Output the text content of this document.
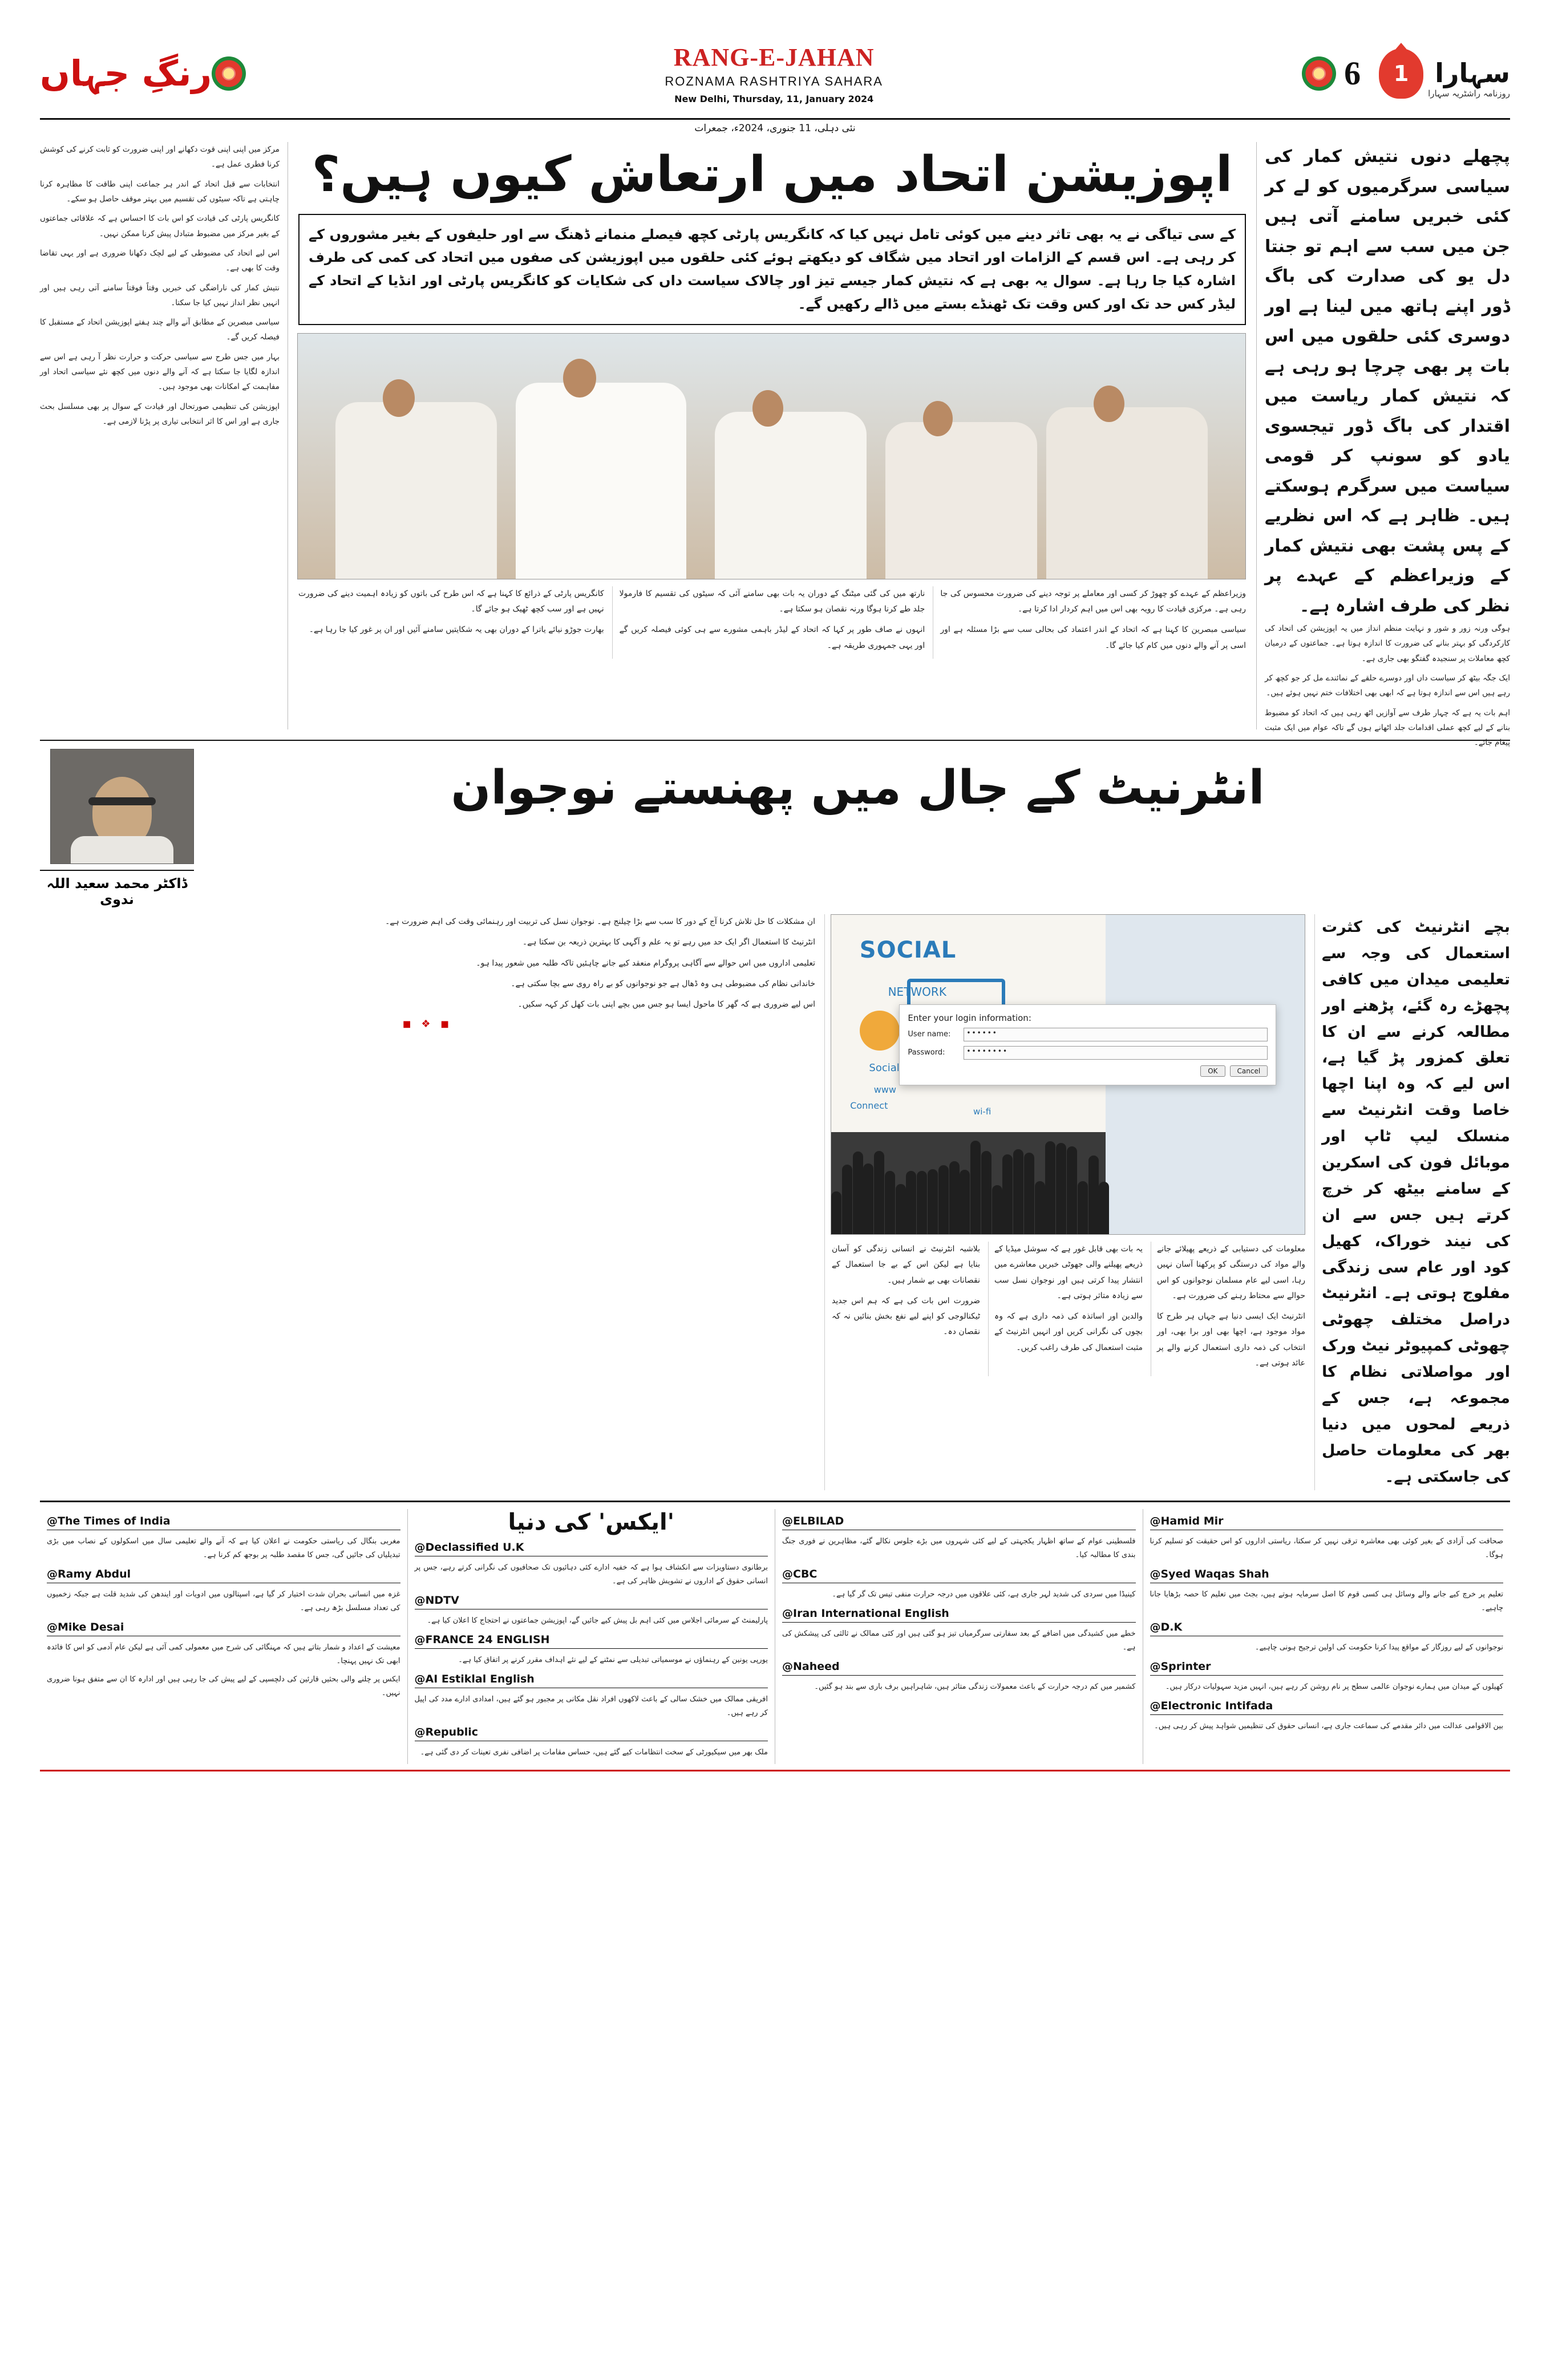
6	1 سہارا
روزنامہ راشٹریہ سہارا
RANG-E-JAHAN
ROZNAMA RASHTRIYA SAHARA
New Delhi, Thursday, 11, January 2024
رنگِ جہاں
نئی دہلی، 11 جنوری، 2024ء، جمعرات
پچھلے دنوں نتیش کمار کی سیاسی سرگرمیوں کو لے کر کئی خبریں سامنے آتی ہیں جن میں سب سے اہم تو جنتا دل یو کی صدارت کی باگ ڈور اپنے ہاتھ میں لینا ہے اور دوسری کئی حلقوں میں اس بات پر بھی چرچا ہو رہی ہے کہ نتیش کمار ریاست میں اقتدار کی باگ ڈور تیجسوی یادو کو سونپ کر قومی سیاست میں سرگرم ہوسکتے ہیں۔ ظاہر ہے کہ اس نظریے کے پس پشت بھی نتیش کمار کے وزیراعظم کے عہدے پر نظر کی طرف اشارہ ہے۔

ہوگی ورنہ زور و شور و نہایت منظم انداز میں یہ اپوزیشن کی اتحاد کی کارکردگی کو بہتر بنانے کی ضرورت کا اندازہ ہوتا ہے۔ جماعتوں کے درمیان کچھ معاملات پر سنجیدہ گفتگو بھی جاری ہے۔

ایک جگہ بیٹھ کر سیاست داں اور دوسرے حلقے کے نمائندے مل کر جو کچھ کر رہے ہیں اس سے اندازہ ہوتا ہے کہ ابھی بھی اختلافات ختم نہیں ہوئے ہیں۔

اہم بات یہ ہے کہ چہار طرف سے آوازیں اٹھ رہی ہیں کہ اتحاد کو مضبوط بنانے کے لیے کچھ عملی اقدامات جلد اٹھانے ہوں گے تاکہ عوام میں ایک مثبت پیغام جائے۔

اپوزیشن اتحاد میں ارتعاش کیوں ہیں؟
کے سی تیاگی نے یہ بھی تاثر دینے میں کوئی تامل نہیں کیا کہ کانگریس پارٹی کچھ فیصلے منمانے ڈھنگ سے اور حلیفوں کے بغیر مشوروں کے کر رہی ہے۔ اس قسم کے الزامات اور اتحاد میں شگاف کو دیکھتے ہوئے کئی حلقوں میں اپوزیشن کی صفوں میں اتحاد کی کمی کی طرف اشارہ کیا جا رہا ہے۔ سوال یہ بھی ہے کہ نتیش کمار جیسے تیز اور چالاک سیاست داں کی شکایات کو کانگریس پارٹی اور انڈیا کے اتحاد کے لیڈر کس حد تک اور کس وقت تک ٹھنڈے بستے میں ڈالے رکھیں گے۔

وزیراعظم کے عہدے کو چھوڑ کر کسی اور معاملے پر توجہ دینے کی ضرورت محسوس کی جا رہی ہے۔ مرکزی قیادت کا رویہ بھی اس میں اہم کردار ادا کرتا ہے۔

سیاسی مبصرین کا کہنا ہے کہ اتحاد کے اندر اعتماد کی بحالی سب سے بڑا مسئلہ ہے اور اسی پر آنے والے دنوں میں کام کیا جائے گا۔

نارتھ میں کی گئی میٹنگ کے دوران یہ بات بھی سامنے آئی کہ سیٹوں کی تقسیم کا فارمولا جلد طے کرنا ہوگا ورنہ نقصان ہو سکتا ہے۔

انہوں نے صاف طور پر کہا کہ اتحاد کے لیڈر باہمی مشورے سے ہی کوئی فیصلہ کریں گے اور یہی جمہوری طریقہ ہے۔

کانگریس پارٹی کے ذرائع کا کہنا ہے کہ اس طرح کی باتوں کو زیادہ اہمیت دینے کی ضرورت نہیں ہے اور سب کچھ ٹھیک ہو جائے گا۔

بھارت جوڑو نیائے یاترا کے دوران بھی یہ شکایتیں سامنے آئیں اور ان پر غور کیا جا رہا ہے۔

مرکز میں اپنی اپنی قوت دکھانے اور اپنی ضرورت کو ثابت کرنے کی کوشش کرنا فطری عمل ہے۔

انتخابات سے قبل اتحاد کے اندر ہر جماعت اپنی طاقت کا مظاہرہ کرنا چاہتی ہے تاکہ سیٹوں کی تقسیم میں بہتر موقف حاصل ہو سکے۔

کانگریس پارٹی کی قیادت کو اس بات کا احساس ہے کہ علاقائی جماعتوں کے بغیر مرکز میں مضبوط متبادل پیش کرنا ممکن نہیں۔

اس لیے اتحاد کی مضبوطی کے لیے لچک دکھانا ضروری ہے اور یہی تقاضا وقت کا بھی ہے۔

نتیش کمار کی ناراضگی کی خبریں وقتاً فوقتاً سامنے آتی رہی ہیں اور انہیں نظر انداز نہیں کیا جا سکتا۔

سیاسی مبصرین کے مطابق آنے والے چند ہفتے اپوزیشن اتحاد کے مستقبل کا فیصلہ کریں گے۔

بہار میں جس طرح سے سیاسی حرکت و حرارت نظر آ رہی ہے اس سے اندازہ لگایا جا سکتا ہے کہ آنے والے دنوں میں کچھ نئے سیاسی اتحاد اور مفاہمت کے امکانات بھی موجود ہیں۔

اپوزیشن کی تنظیمی صورتحال اور قیادت کے سوال پر بھی مسلسل بحث جاری ہے اور اس کا اثر انتخابی تیاری پر پڑنا لازمی ہے۔

انٹرنیٹ کے جال میں پھنستے نوجوان
ڈاکٹر محمد سعید اللہ ندوی
بچے انٹرنیٹ کی کثرت استعمال کی وجہ سے تعلیمی میدان میں کافی پچھڑے رہ گئے، پڑھنے اور مطالعہ کرنے سے ان کا تعلق کمزور پڑ گیا ہے، اس لیے کہ وہ اپنا اچھا خاصا وقت انٹرنیٹ سے منسلک لیپ ٹاپ اور موبائل فون کی اسکرین کے سامنے بیٹھ کر خرچ کرتے ہیں جس سے ان کی نیند خوراک، کھیل کود اور عام سی زندگی مفلوج ہوتی ہے۔ انٹرنیٹ دراصل مختلف چھوٹی چھوٹی کمپیوٹر نیٹ ورک اور مواصلاتی نظام کا مجموعہ ہے، جس کے ذریعے لمحوں میں دنیا بھر کی معلومات حاصل کی جاسکتی ہے۔
SOCIAL
NETWORK
Social
www
Connect
wi-fi
Enter your login information:
User name:	••••••
Password:	••••••••
OK	Cancel

معلومات کی دستیابی کے ذریعے پھیلائے جانے والے مواد کی درستگی کو پرکھنا آسان نہیں رہا، اسی لیے عام مسلمان نوجوانوں کو اس حوالے سے محتاط رہنے کی ضرورت ہے۔

انٹرنیٹ ایک ایسی دنیا ہے جہاں ہر طرح کا مواد موجود ہے، اچھا بھی اور برا بھی، اور انتخاب کی ذمہ داری استعمال کرنے والے پر عائد ہوتی ہے۔

یہ بات بھی قابل غور ہے کہ سوشل میڈیا کے ذریعے پھیلنے والی جھوٹی خبریں معاشرے میں انتشار پیدا کرتی ہیں اور نوجوان نسل سب سے زیادہ متاثر ہوتی ہے۔

والدین اور اساتذہ کی ذمہ داری ہے کہ وہ بچوں کی نگرانی کریں اور انہیں انٹرنیٹ کے مثبت استعمال کی طرف راغب کریں۔

بلاشبہ انٹرنیٹ نے انسانی زندگی کو آسان بنایا ہے لیکن اس کے بے جا استعمال کے نقصانات بھی بے شمار ہیں۔

ضرورت اس بات کی ہے کہ ہم اس جدید ٹیکنالوجی کو اپنے لیے نفع بخش بنائیں نہ کہ نقصان دہ۔

ان مشکلات کا حل تلاش کرنا آج کے دور کا سب سے بڑا چیلنج ہے۔ نوجوان نسل کی تربیت اور رہنمائی وقت کی اہم ضرورت ہے۔

انٹرنیٹ کا استعمال اگر ایک حد میں رہے تو یہ علم و آگہی کا بہترین ذریعہ بن سکتا ہے۔

تعلیمی اداروں میں اس حوالے سے آگاہی پروگرام منعقد کیے جانے چاہئیں تاکہ طلبہ میں شعور پیدا ہو۔

خاندانی نظام کی مضبوطی ہی وہ ڈھال ہے جو نوجوانوں کو بے راہ روی سے بچا سکتی ہے۔

اس لیے ضروری ہے کہ گھر کا ماحول ایسا ہو جس میں بچے اپنی بات کھل کر کہہ سکیں۔

◼ ❖ ◼
@Hamid Mir

صحافت کی آزادی کے بغیر کوئی بھی معاشرہ ترقی نہیں کر سکتا، ریاستی اداروں کو اس حقیقت کو تسلیم کرنا ہوگا۔

@Syed Waqas Shah

تعلیم پر خرچ کیے جانے والے وسائل ہی کسی قوم کا اصل سرمایہ ہوتے ہیں، بجٹ میں تعلیم کا حصہ بڑھایا جانا چاہیے۔

@D.K

نوجوانوں کے لیے روزگار کے مواقع پیدا کرنا حکومت کی اولین ترجیح ہونی چاہیے۔

@Sprinter

کھیلوں کے میدان میں ہمارے نوجوان عالمی سطح پر نام روشن کر رہے ہیں، انہیں مزید سہولیات درکار ہیں۔

@Electronic Intifada

بین الاقوامی عدالت میں دائر مقدمے کی سماعت جاری ہے، انسانی حقوق کی تنظیمیں شواہد پیش کر رہی ہیں۔

@ELBILAD

فلسطینی عوام کے ساتھ اظہار یکجہتی کے لیے کئی شہروں میں بڑے جلوس نکالے گئے، مظاہرین نے فوری جنگ بندی کا مطالبہ کیا۔

@CBC

کینیڈا میں سردی کی شدید لہر جاری ہے، کئی علاقوں میں درجہ حرارت منفی تیس تک گر گیا ہے۔

@Iran International English

خطے میں کشیدگی میں اضافے کے بعد سفارتی سرگرمیاں تیز ہو گئی ہیں اور کئی ممالک نے ثالثی کی پیشکش کی ہے۔

@Naheed

کشمیر میں کم درجہ حرارت کے باعث معمولات زندگی متاثر ہیں، شاہراہیں برف باری سے بند ہو گئیں۔

'ایکس' کی دنیا
@Declassified U.K

برطانوی دستاویزات سے انکشاف ہوا ہے کہ خفیہ ادارے کئی دہائیوں تک صحافیوں کی نگرانی کرتے رہے، جس پر انسانی حقوق کے اداروں نے تشویش ظاہر کی ہے۔

@NDTV

پارلیمنٹ کے سرمائی اجلاس میں کئی اہم بل پیش کیے جائیں گے، اپوزیشن جماعتوں نے احتجاج کا اعلان کیا ہے۔

@FRANCE 24 ENGLISH

یورپی یونین کے رہنماؤں نے موسمیاتی تبدیلی سے نمٹنے کے لیے نئے اہداف مقرر کرنے پر اتفاق کیا ہے۔

@AI Estiklal English

افریقی ممالک میں خشک سالی کے باعث لاکھوں افراد نقل مکانی پر مجبور ہو گئے ہیں، امدادی ادارے مدد کی اپیل کر رہے ہیں۔

@Republic

ملک بھر میں سیکیورٹی کے سخت انتظامات کیے گئے ہیں، حساس مقامات پر اضافی نفری تعینات کر دی گئی ہے۔

@The Times of India

مغربی بنگال کی ریاستی حکومت نے اعلان کیا ہے کہ آنے والے تعلیمی سال میں اسکولوں کے نصاب میں بڑی تبدیلیاں کی جائیں گی، جس کا مقصد طلبہ پر بوجھ کم کرنا ہے۔

@Ramy Abdul

غزہ میں انسانی بحران شدت اختیار کر گیا ہے، اسپتالوں میں ادویات اور ایندھن کی شدید قلت ہے جبکہ زخمیوں کی تعداد مسلسل بڑھ رہی ہے۔

@Mike Desai

معیشت کے اعداد و شمار بتاتے ہیں کہ مہنگائی کی شرح میں معمولی کمی آئی ہے لیکن عام آدمی کو اس کا فائدہ ابھی تک نہیں پہنچا۔

ایکس پر چلنے والی بحثیں قارئین کی دلچسپی کے لیے پیش کی جا رہی ہیں اور ادارہ کا ان سے متفق ہونا ضروری نہیں۔
